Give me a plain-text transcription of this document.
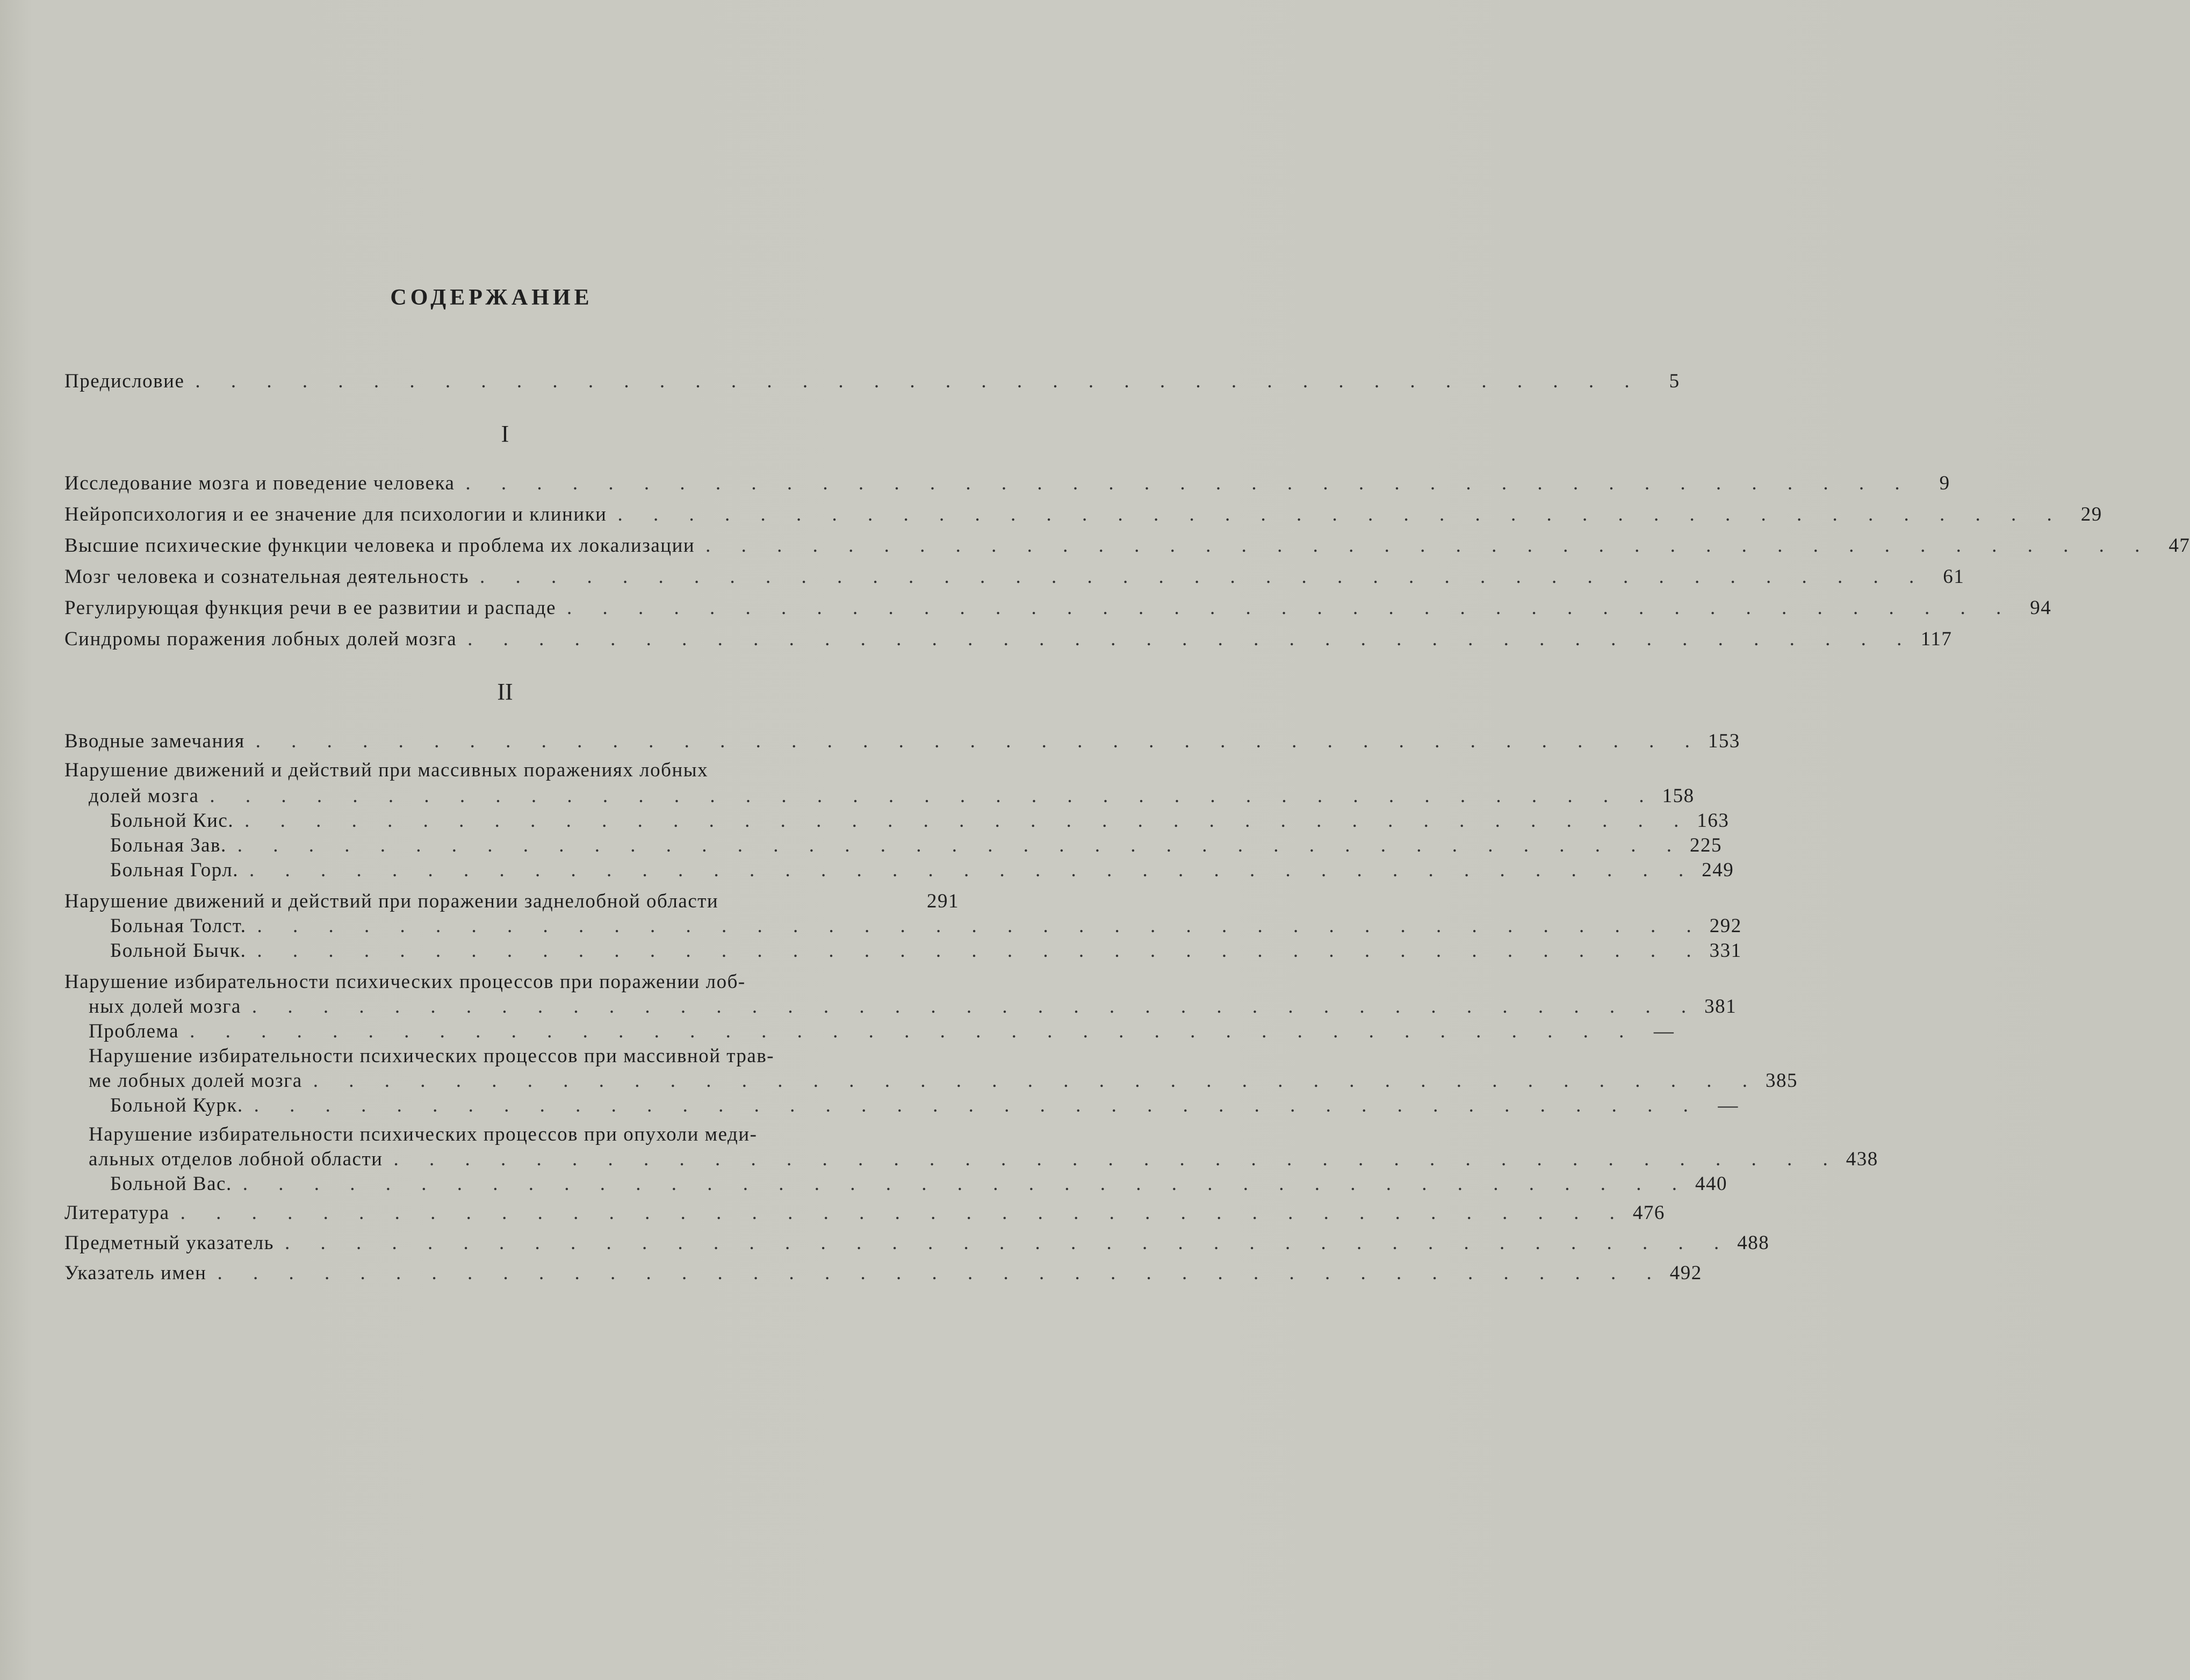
СОДЕРЖАНИЕ
Предисловие . . . . . . . . . . . . . . . . . . . . . . . . . . . . . . . . . . . . . . . . .	5
Исследование мозга и поведение человека . . . . . . . . . . . . . . . . . . . . . . . . . . . . . . . . . . . . . . . . .	9
Нейропсихология и ее значение для психологии и клиники . . . . . . . . . . . . . . . . . . . . . . . . . . . . . . . . . . . . . . . . . 29
Высшие психические функции человека и проблема их локализации . . . . . . . . . . . . . . . . . . . . . . . . . . . . . . . . . . . . . . . . . 47
Мозг человека и сознательная деятельность . . . . . . . . . . . . . . . . . . . . . . . . . . . . . . . . . . . . . . . . . 61
Регулирующая функция речи в ее развитии и распаде . . . . . . . . . . . . . . . . . . . . . . . . . . . . . . . . . . . . . . . . . 94
Синдромы поражения лобных долей мозга . . . . . . . . . . . . . . . . . . . . . . . . . . . . . . . . . . . . . . . . . 117
Вводные замечания . . . . . . . . . . . . . . . . . . . . . . . . . . . . . . . . . . . . . . . . . 153
Нарушение движений и действий при массивных поражениях лобных
долей мозга . . . . . . . . . . . . . . . . . . . . . . . . . . . . . . . . . . . . . . . . . 158
Больной Кис. . . . . . . . . . . . . . . . . . . . . . . . . . . . . . . . . . . . . . . . . . 163
Больная Зав. . . . . . . . . . . . . . . . . . . . . . . . . . . . . . . . . . . . . . . . . . 225
Больная Горл. . . . . . . . . . . . . . . . . . . . . . . . . . . . . . . . . . . . . . . . . . 249
Нарушение движений и действий при поражении заднелобной области	291
Больная Толст. . . . . . . . . . . . . . . . . . . . . . . . . . . . . . . . . . . . . . . . . . 292
Больной Бычк. . . . . . . . . . . . . . . . . . . . . . . . . . . . . . . . . . . . . . . . . . 331
Нарушение избирательности психических процессов при поражении лоб-
ных долей мозга . . . . . . . . . . . . . . . . . . . . . . . . . . . . . . . . . . . . . . . . . 381
Проблема . . . . . . . . . . . . . . . . . . . . . . . . . . . . . . . . . . . . . . . . . —
Нарушение избирательности психических процессов при массивной трав-
ме лобных долей мозга . . . . . . . . . . . . . . . . . . . . . . . . . . . . . . . . . . . . . . . . . 385
Больной Курк. . . . . . . . . . . . . . . . . . . . . . . . . . . . . . . . . . . . . . . . . . —
Нарушение избирательности психических процессов при опухоли меди-
альных отделов лобной области . . . . . . . . . . . . . . . . . . . . . . . . . . . . . . . . . . . . . . . . . 438
Больной Вас. . . . . . . . . . . . . . . . . . . . . . . . . . . . . . . . . . . . . . . . . . 440
Литература . . . . . . . . . . . . . . . . . . . . . . . . . . . . . . . . . . . . . . . . . 476
Предметный указатель . . . . . . . . . . . . . . . . . . . . . . . . . . . . . . . . . . . . . . . . . 488
Указатель имен . . . . . . . . . . . . . . . . . . . . . . . . . . . . . . . . . . . . . . . . . 492
I
II
